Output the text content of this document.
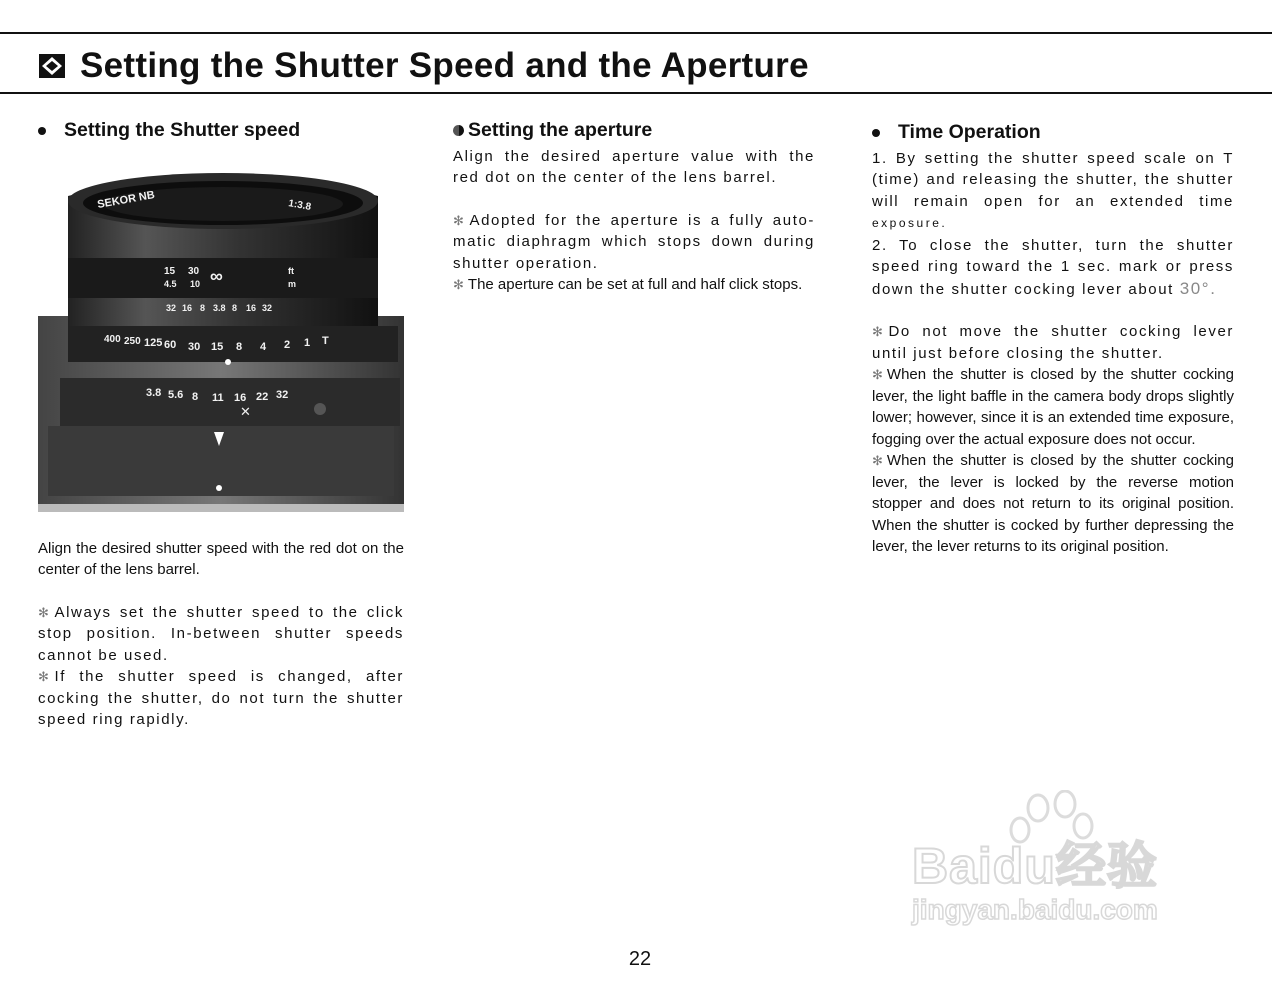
Setting the Shutter Speed and the Aperture
Setting the Shutter speed
SEKOR NB	1:3.8
15 30 ∞	ft
4.5 10	m
32 16 8 3.8 8 16 32
400 250 125 60 30 15 8 4 2 1 T
3.8 5.6 8 11 16 22 32
✕

Align the desired shutter speed with the red dot on the center of the lens barrel.

✻ Always set the shutter speed to the click stop position. In-between shutter speeds cannot be used.

✻ If the shutter speed is changed, after cocking the shutter, do not turn the shutter speed ring rapidly.

Setting the aperture

Align the desired aperture value with the red dot on the center of the lens barrel.

✻ Adopted for the aperture is a fully auto-matic diaphragm which stops down during shutter operation.

✻ The aperture can be set at full and half click stops.

Time Operation

1. By setting the shutter speed scale on T (time) and releasing the shutter, the shutter will remain open for an extended time exposure.

2. To close the shutter, turn the shutter speed ring toward the 1 sec. mark or press down the shutter cocking lever about 30°.

✻ Do not move the shutter cocking lever until just before closing the shutter.

✻ When the shutter is closed by the shutter cocking lever, the light baffle in the camera body drops slightly lower; however, since it is an extended time exposure, fogging over the actual exposure does not occur.

✻ When the shutter is closed by the shutter cocking lever, the lever is locked by the reverse motion stopper and does not return to its original position. When the shutter is cocked by further depressing the lever, the lever returns to its original position.

Baidu经验
jingyan.baidu.com
22
